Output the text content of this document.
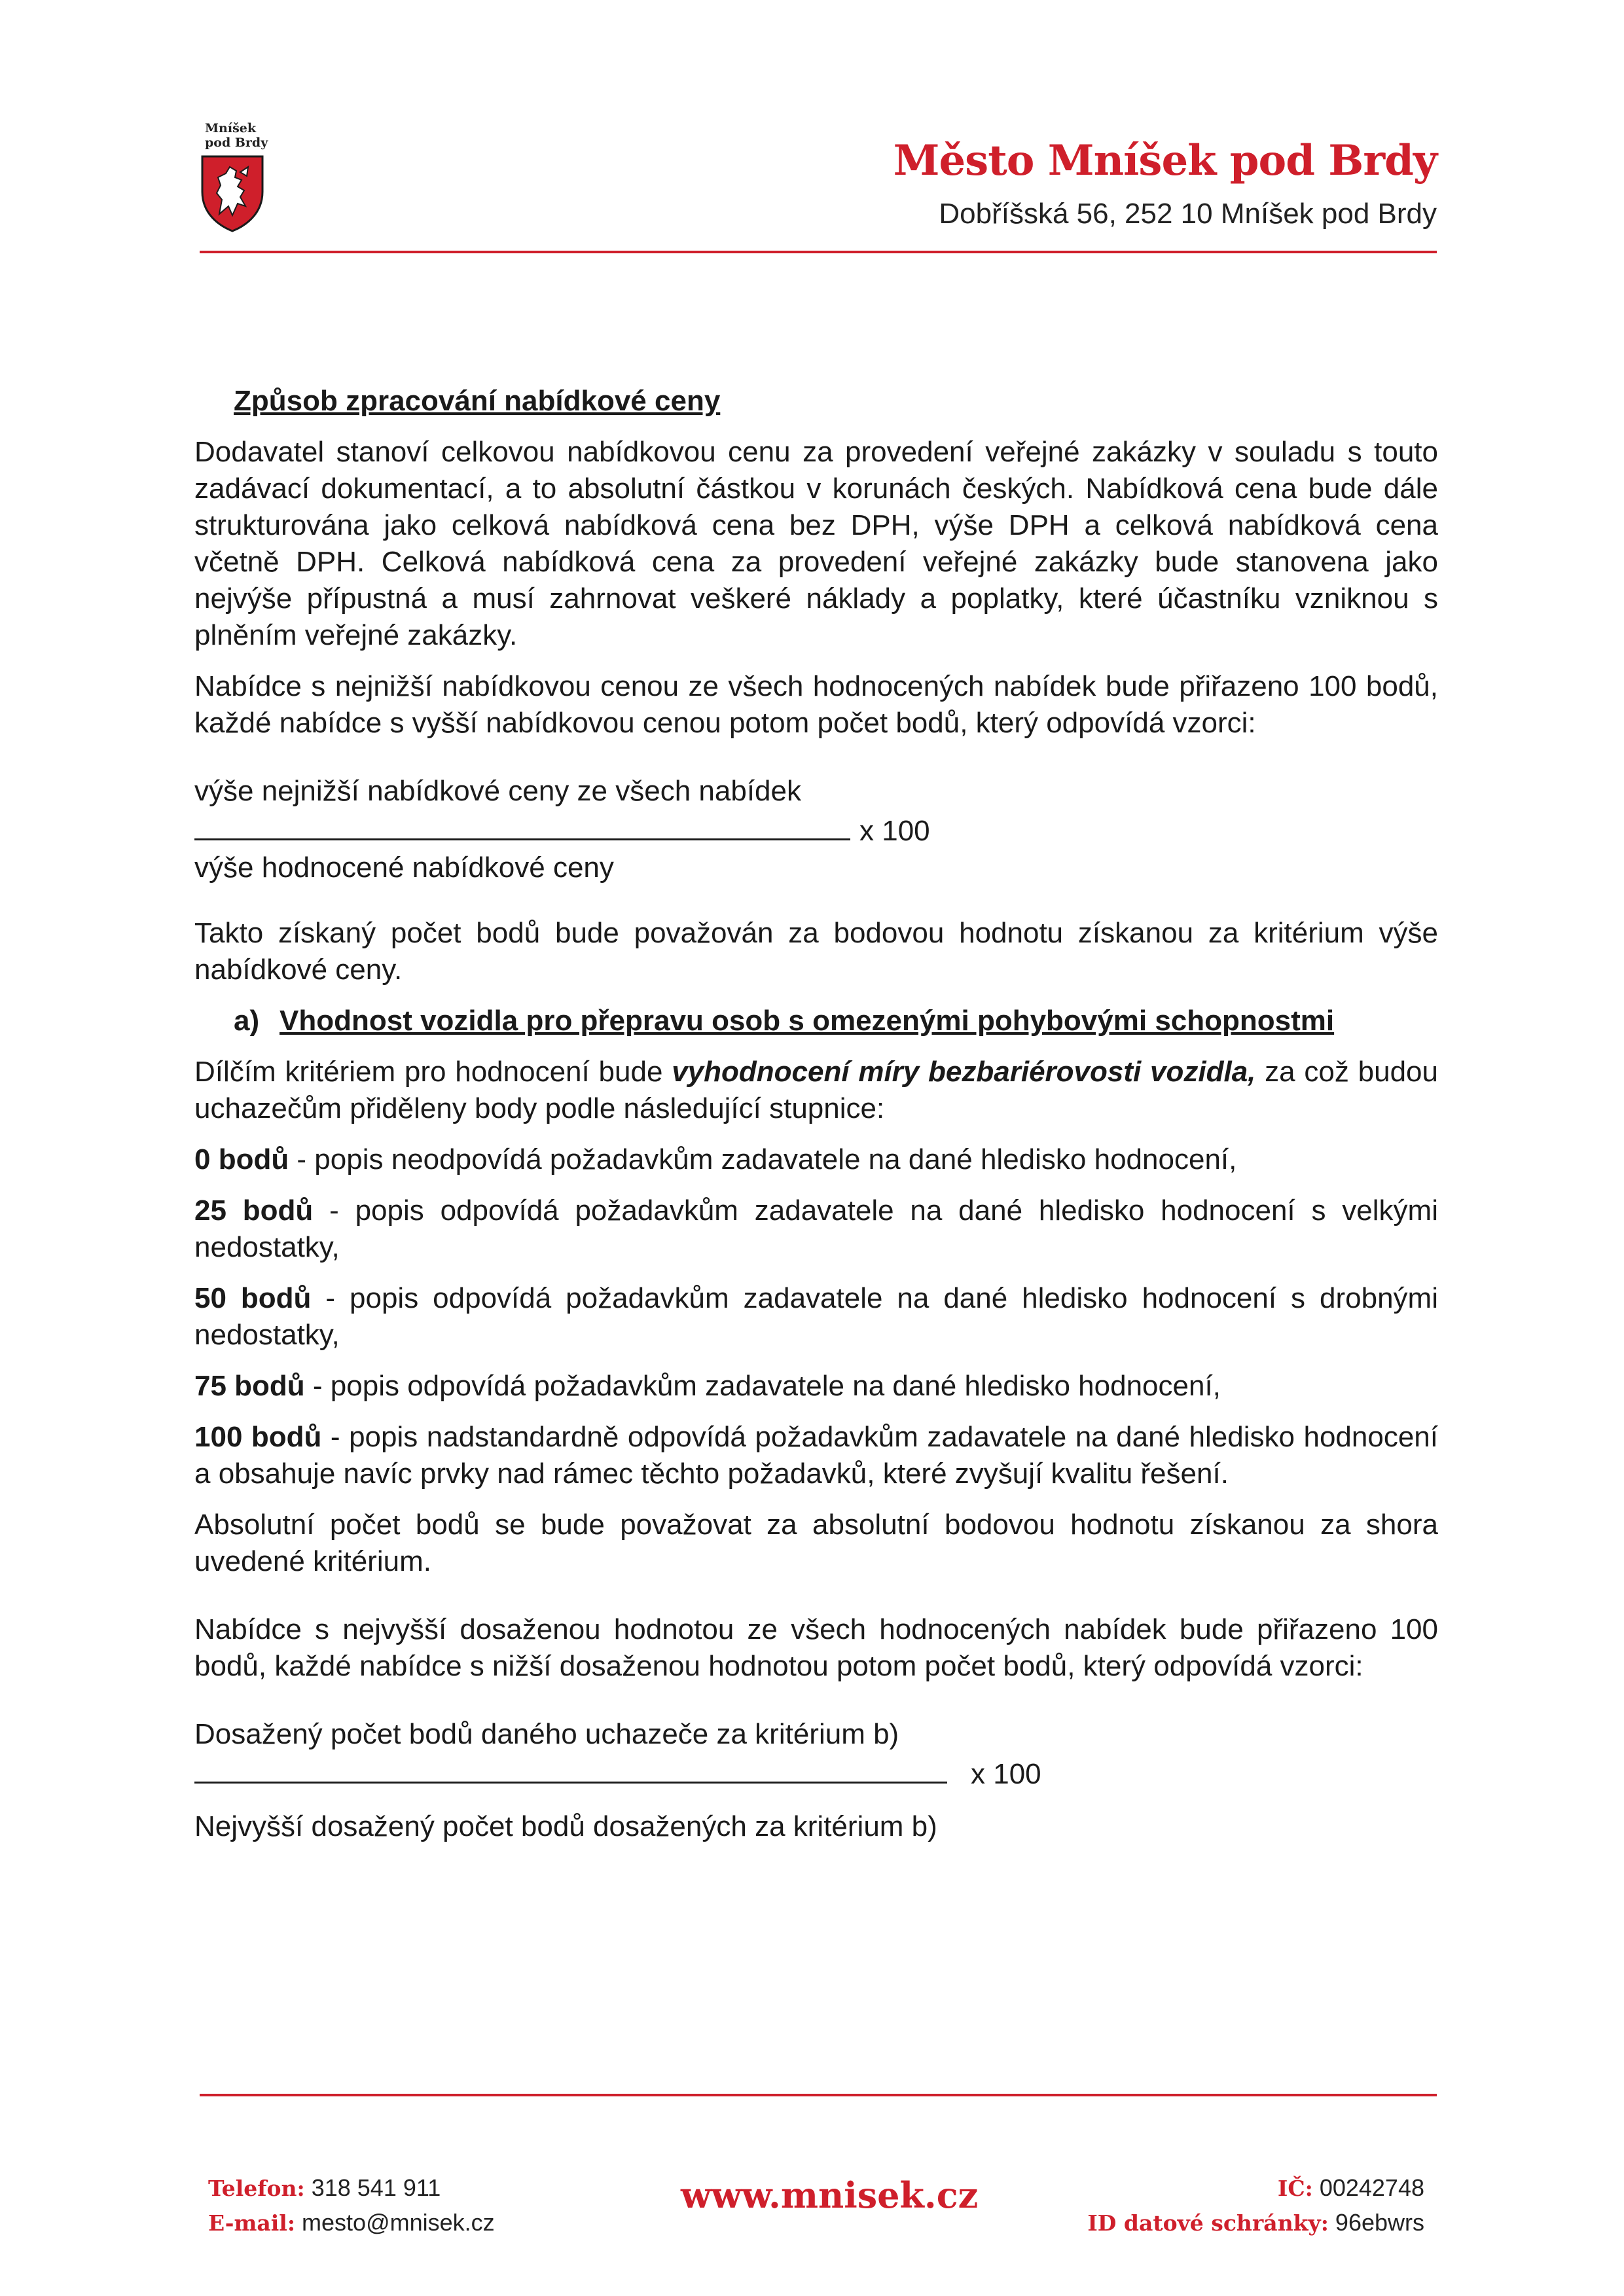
Mníšek
pod Brdy	Město Mníšek pod Brdy
Dobříšská 56, 252 10 Mníšek pod Brdy

Způsob zpracování nabídkové ceny

Dodavatel stanoví celkovou nabídkovou cenu za provedení veřejné zakázky v souladu s touto zadávací dokumentací, a to absolutní částkou v korunách českých. Nabídková cena bude dále strukturována jako celková nabídková cena bez DPH, výše DPH a celková nabídková cena včetně DPH. Celková nabídková cena za provedení veřejné zakázky bude stanovena jako nejvýše přípustná a musí zahrnovat veškeré náklady a poplatky, které účastníku vzniknou s plněním veřejné zakázky.

Nabídce s nejnižší nabídkovou cenou ze všech hodnocených nabídek bude přiřazeno 100 bodů, každé nabídce s vyšší nabídkovou cenou potom počet bodů, který odpovídá vzorci:

výše nejnižší nabídkové ceny ze všech nabídek
x 100
výše hodnocené nabídkové ceny

Takto získaný počet bodů bude považován za bodovou hodnotu získanou za kritérium výše nabídkové ceny.

a) Vhodnost vozidla pro přepravu osob s omezenými pohybovými schopnostmi

Dílčím kritériem pro hodnocení bude vyhodnocení míry bezbariérovosti vozidla, za což budou uchazečům přiděleny body podle následující stupnice:

0 bodů - popis neodpovídá požadavkům zadavatele na dané hledisko hodnocení,

25 bodů - popis odpovídá požadavkům zadavatele na dané hledisko hodnocení s velkými nedostatky,

50 bodů - popis odpovídá požadavkům zadavatele na dané hledisko hodnocení s drobnými nedostatky,

75 bodů - popis odpovídá požadavkům zadavatele na dané hledisko hodnocení,

100 bodů - popis nadstandardně odpovídá požadavkům zadavatele na dané hledisko hodnocení a obsahuje navíc prvky nad rámec těchto požadavků, které zvyšují kvalitu řešení.

Absolutní počet bodů se bude považovat za absolutní bodovou hodnotu získanou za shora uvedené kritérium.

Nabídce s nejvyšší dosaženou hodnotou ze všech hodnocených nabídek bude přiřazeno 100 bodů, každé nabídce s nižší dosaženou hodnotou potom počet bodů, který odpovídá vzorci:

Dosažený počet bodů daného uchazeče za kritérium b)
x 100
Nejvyšší dosažený počet bodů dosažených za kritérium b)
Telefon: 318 541 911
E-mail: mesto@mnisek.cz
www.mnisek.cz	IČ: 00242748
ID datové schránky: 96ebwrs
